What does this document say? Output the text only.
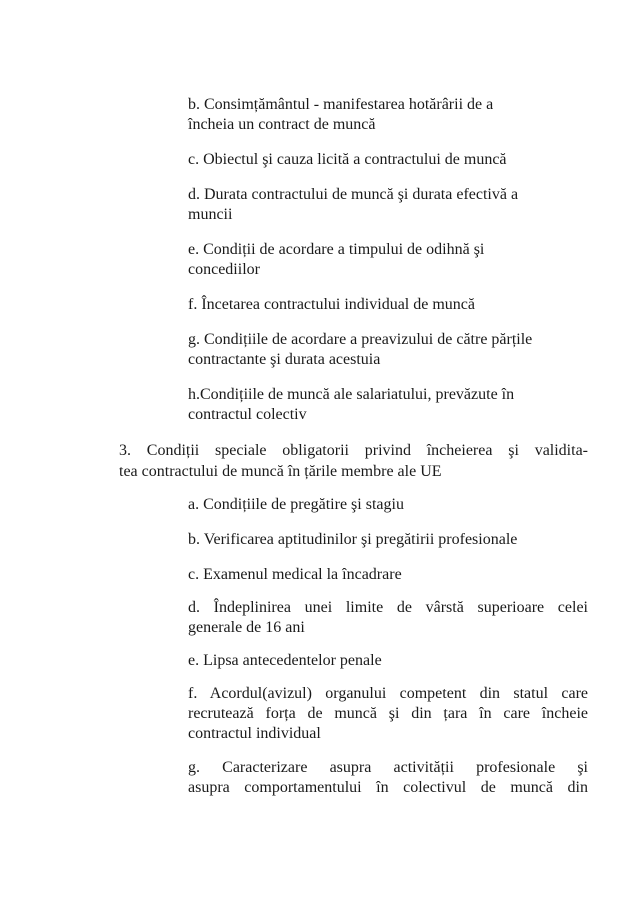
b. Consimțământul - manifestarea hotărârii de a
încheia un contract de muncă
c. Obiectul şi cauza licită a contractului de muncă
d. Durata contractului de muncă şi durata efectivă a
muncii
e. Condiții de acordare a timpului de odihnă şi
concediilor
f. Încetarea contractului individual de muncă
g. Condițiile de acordare a preavizului de către părțile
contractante şi durata acestuia
h.Condițiile de muncă ale salariatului, prevăzute în
contractul colectiv
3. Condiții speciale obligatorii privind încheierea şi validita-
tea contractului de muncă în țările membre ale UE
a. Condițiile de pregătire şi stagiu
b. Verificarea aptitudinilor şi pregătirii profesionale
c. Examenul medical la încadrare
d. Îndeplinirea unei limite de vârstă superioare celei
generale de 16 ani
e. Lipsa antecedentelor penale
f. Acordul(avizul) organului competent din statul care
recrutează forța de muncă şi din țara în care încheie
contractul individual
g. Caracterizare asupra activității profesionale şi
asupra comportamentului în colectivul de muncă din
